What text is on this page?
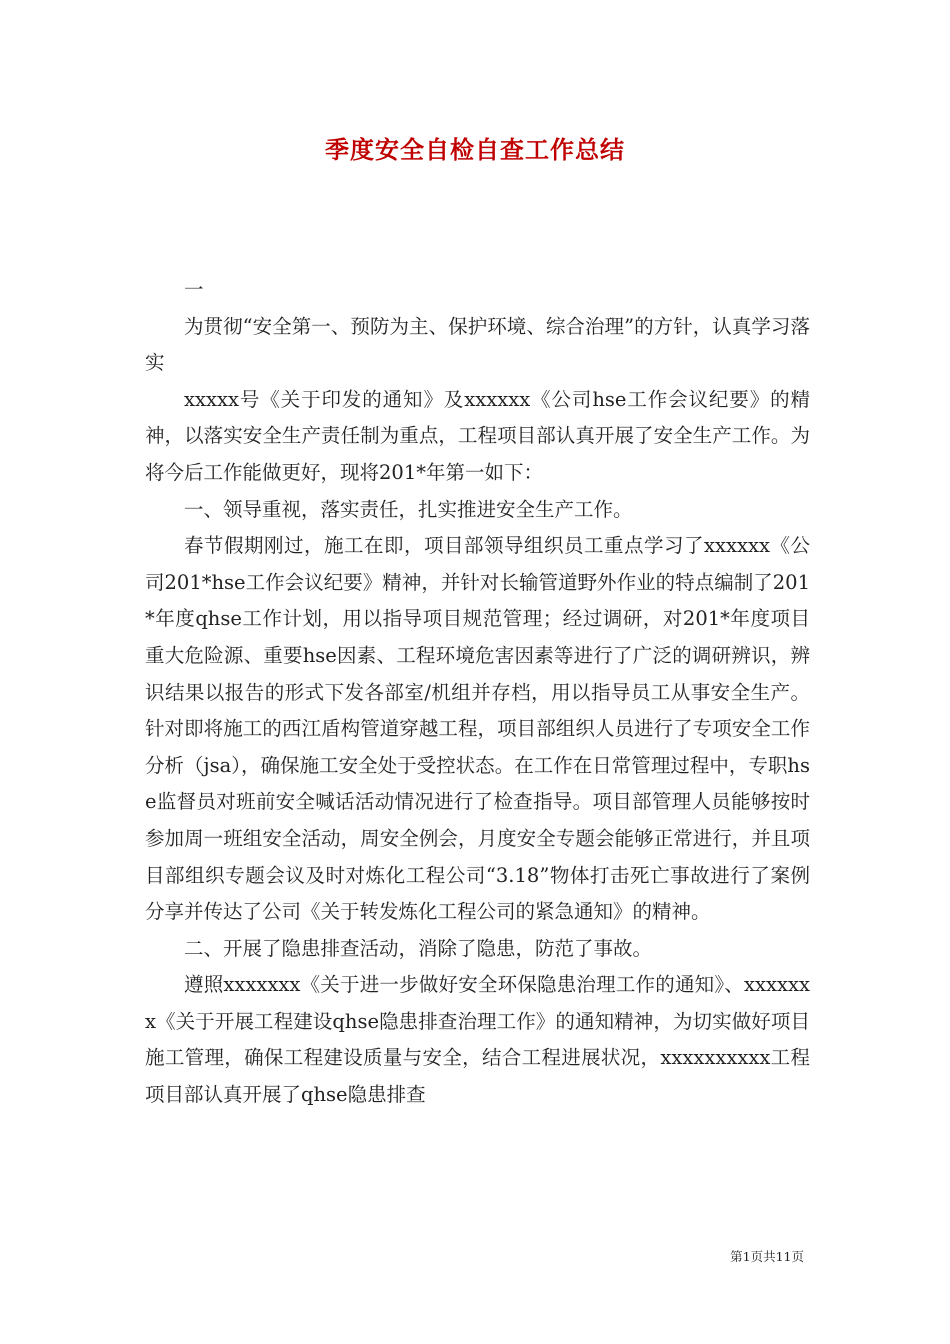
季度安全自检自查工作总结

一

为贯彻“安全第一、预防为主、保护环境、综合治理”的方针，认真学习落实

xxxxx号《关于印发的通知》及xxxxxx《公司hse工作会议纪要》的精神，以落实安全生产责任制为重点，工程项目部认真开展了安全生产工作。为将今后工作能做更好，现将201*年第一如下：

一、领导重视，落实责任，扎实推进安全生产工作。

春节假期刚过，施工在即，项目部领导组织员工重点学习了xxxxxx《公司201*hse工作会议纪要》精神，并针对长输管道野外作业的特点编制了201*年度qhse工作计划，用以指导项目规范管理；经过调研，对201*年度项目重大危险源、重要hse因素、工程环境危害因素等进行了广泛的调研辨识，辨识结果以报告的形式下发各部室/机组并存档，用以指导员工从事安全生产。针对即将施工的西江盾构管道穿越工程，项目部组织人员进行了专项安全工作分析（jsa），确保施工安全处于受控状态。在工作在日常管理过程中，专职hse监督员对班前安全喊话活动情况进行了检查指导。项目部管理人员能够按时参加周一班组安全活动，周安全例会，月度安全专题会能够正常进行，并且项目部组织专题会议及时对炼化工程公司“3.18”物体打击死亡事故进行了案例分享并传达了公司《关于转发炼化工程公司的紧急通知》的精神。

二、开展了隐患排查活动，消除了隐患，防范了事故。

遵照xxxxxxx《关于进一步做好安全环保隐患治理工作的通知》、xxxxxxx《关于开展工程建设qhse隐患排查治理工作》的通知精神，为切实做好项目施工管理，确保工程建设质量与安全，结合工程进展状况，xxxxxxxxxx工程项目部认真开展了qhse隐患排查

第1页共11页
